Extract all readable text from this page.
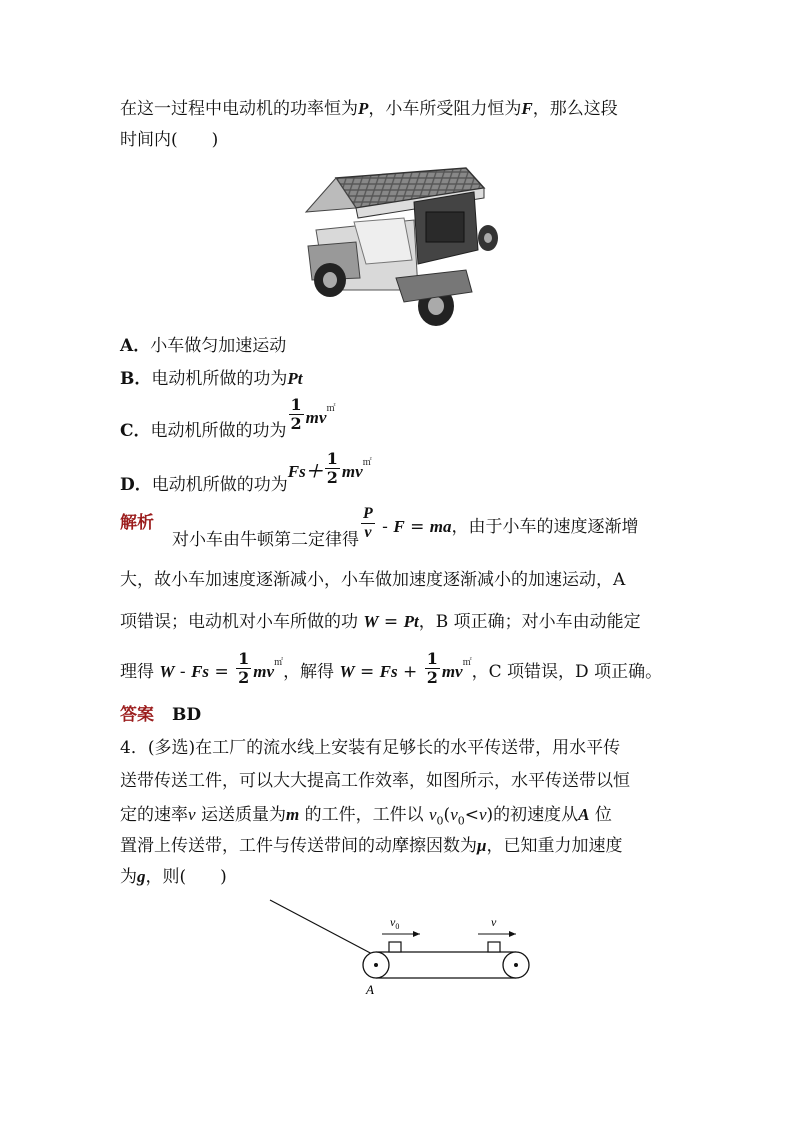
在这一过程中电动机的功率恒为P，小车所受阻力恒为F，那么这段
时间内(　　)
A．小车做匀加速运动
B．电动机所做的功为Pt
C．电动机所做的功为 $\frac{1}{2} mv^㎡$
D．电动机所做的功为$Fs+ \frac{1}{2} mv^㎡$
解析对小车由牛顿第二定律得 $\frac{P}{v}$ - F = ma，由于小车的速度逐渐增
大，故小车加速度逐渐减小，小车做加速度逐渐减小的加速运动，A
项错误；电动机对小车所做的功 W = Pt，B 项正确；对小车由动能定
理得 $W - Fs = \frac{1}{2} mv^㎡$，解得 $W = Fs + \frac{1}{2} mv^㎡$，C 项错误，D 项正确。
答案 BD
4．(多选)在工厂的流水线上安装有足够长的水平传送带，用水平传
送带传送工件，可以大大提高工作效率，如图所示，水平传送带以恒
定的速率v 运送质量为m 的工件，工件以 $v_0(v_0<v)$的初速度从A 位
置滑上传送带，工件与传送带间的动摩擦因数为μ，已知重力加速度
为g，则(　　)
$v_0$	v
A
